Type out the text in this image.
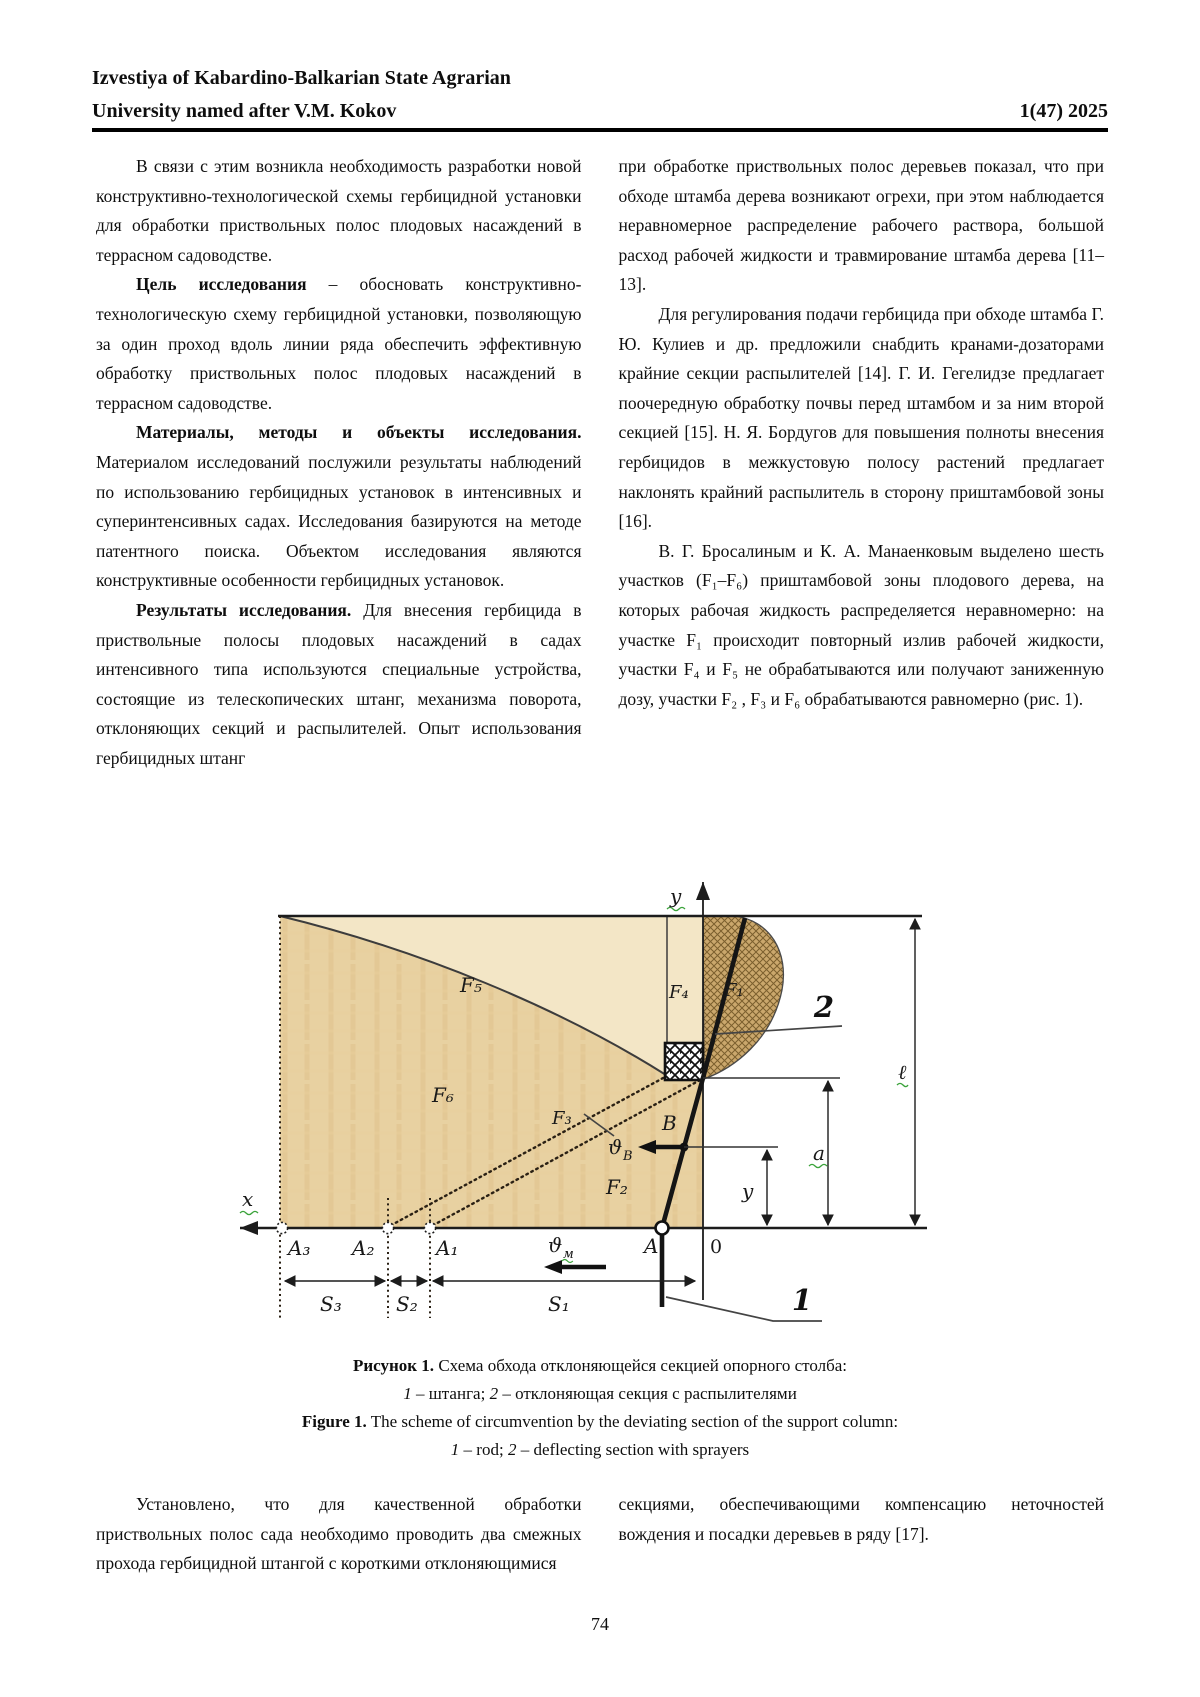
Izvestiya of Kabardino-Balkarian State Agrarian
University named after V.M. Kokov	1(47) 2025

В связи с этим возникла необходимость разработки новой конструктивно-технологической схемы гербицидной установки для обработки приствольных полос плодовых насаждений в террасном садоводстве.

Цель исследования – обосновать конструктивно-технологическую схему гербицидной установки, позволяющую за один проход вдоль линии ряда обеспечить эффективную обработку приствольных полос плодовых насаждений в террасном садоводстве.

Материалы, методы и объекты исследования. Материалом исследований послужили результаты наблюдений по использованию гербицидных установок в интенсивных и суперинтенсивных садах. Исследования базируются на методе патентного поиска. Объектом исследования являются конструктивные особенности гербицидных установок.

Результаты исследования. Для внесения гербицида в приствольные полосы плодовых насаждений в садах интенсивного типа используются специальные устройства, состоящие из телескопических штанг, механизма поворота, отклоняющих секций и распылителей. Опыт использования гербицидных штанг

при обработке приствольных полос деревьев показал, что при обходе штамба дерева возникают огрехи, при этом наблюдается неравномерное распределение рабочего раствора, большой расход рабочей жидкости и травмирование штамба дерева [11–13].

Для регулирования подачи гербицида при обходе штамба Г. Ю. Кулиев и др. предложили снабдить кранами-дозаторами крайние секции распылителей [14]. Г. И. Гегелидзе предлагает поочередную обработку почвы перед штамбом и за ним второй секцией [15]. Н. Я. Бордугов для повышения полноты внесения гербицидов в межкустовую полосу растений предлагает наклонять крайний распылитель в сторону приштамбовой зоны [16].

В. Г. Бросалиным и К. А. Манаенковым выделено шесть участков (F₁–F₆) приштамбовой зоны плодового дерева, на которых рабочая жидкость распределяется неравномерно: на участке F₁ происходит повторный излив рабочей жидкости, участки F₄ и F₅ не обрабатываются или получают заниженную дозу, участки F₂ , F₃ и F₆ обрабатываются равномерно (рис. 1).

y
x
0
F₅	F₄ F₁
F₆
F₃
F₂
B
A
A₁
A₂
A₃
S₃	S₂	S₁
y
a
ℓ
ϑ B
ϑ м
2
1
Рисунок 1. Схема обхода отклоняющейся секцией опорного столба:
1 – штанга; 2 – отклоняющая секция с распылителями
Figure 1. The scheme of circumvention by the deviating section of the support column:
1 – rod; 2 – deflecting section with sprayers

Установлено, что для качественной обработки приствольных полос сада необходимо проводить два смежных прохода гербицидной штангой с короткими отклоняющимися

секциями, обеспечивающими компенсацию неточностей вождения и посадки деревьев в ряду [17].

74
